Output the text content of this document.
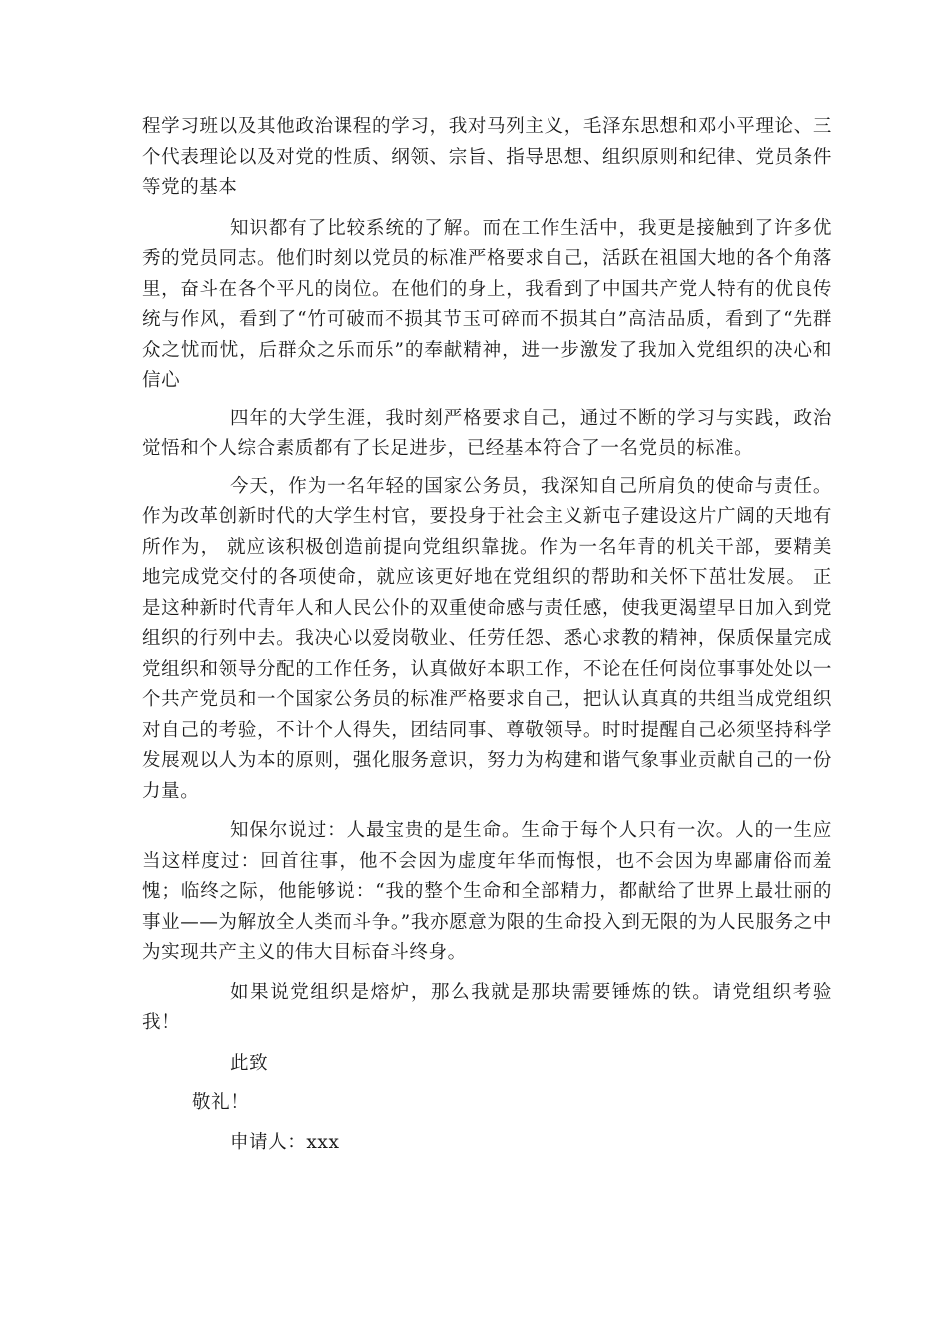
程学习班以及其他政治课程的学习，我对马列主义，毛泽东思想和邓小平理论、三个代表理论以及对党的性质、纲领、宗旨、指导思想、组织原则和纪律、党员条件等党的基本

知识都有了比较系统的了解。而在工作生活中，我更是接触到了许多优秀的党员同志。他们时刻以党员的标准严格要求自己，活跃在祖国大地的各个角落里，奋斗在各个平凡的岗位。在他们的身上，我看到了中国共产党人特有的优良传统与作风，看到了“竹可破而不损其节玉可碎而不损其白”高洁品质，看到了“先群众之忧而忧，后群众之乐而乐”的奉献精神，进一步激发了我加入党组织的决心和信心

四年的大学生涯，我时刻严格要求自己，通过不断的学习与实践，政治觉悟和个人综合素质都有了长足进步，已经基本符合了一名党员的标准。

今天，作为一名年轻的国家公务员，我深知自己所肩负的使命与责任。作为改革创新时代的大学生村官，要投身于社会主义新屯子建设这片广阔的天地有所作为， 就应该积极创造前提向党组织靠拢。作为一名年青的机关干部，要精美地完成党交付的各项使命，就应该更好地在党组织的帮助和关怀下茁壮发展。 正是这种新时代青年人和人民公仆的双重使命感与责任感，使我更渴望早日加入到党组织的行列中去。我决心以爱岗敬业、任劳任怨、悉心求教的精神，保质保量完成党组织和领导分配的工作任务，认真做好本职工作，不论在任何岗位事事处处以一个共产党员和一个国家公务员的标准严格要求自己，把认认真真的共组当成党组织对自己的考验，不计个人得失，团结同事、尊敬领导。时时提醒自己必须坚持科学发展观以人为本的原则，强化服务意识，努力为构建和谐气象事业贡献自己的一份力量。

知保尔说过：人最宝贵的是生命。生命于每个人只有一次。人的一生应当这样度过：回首往事，他不会因为虚度年华而悔恨，也不会因为卑鄙庸俗而羞愧；临终之际，他能够说：“我的整个生命和全部精力，都献给了世界上最壮丽的事业——为解放全人类而斗争。”我亦愿意为限的生命投入到无限的为人民服务之中为实现共产主义的伟大目标奋斗终身。

如果说党组织是熔炉，那么我就是那块需要锤炼的铁。请党组织考验我！

此致

敬礼！

申请人：xxx
